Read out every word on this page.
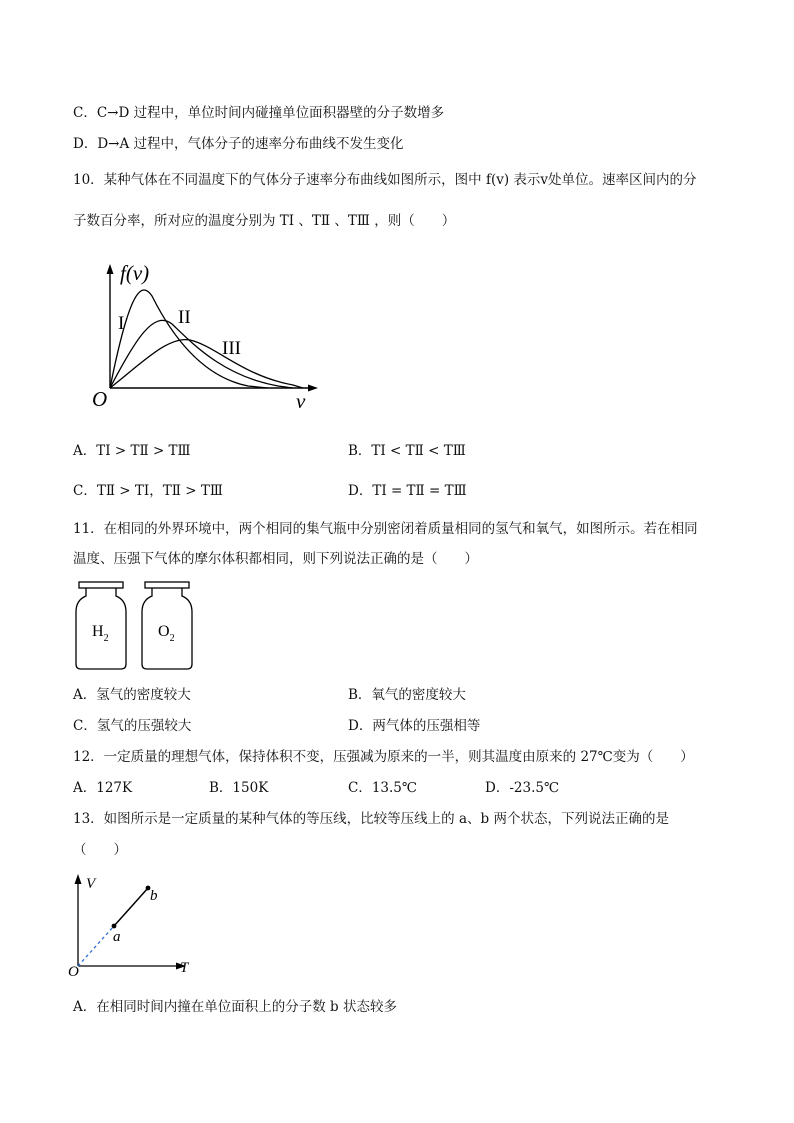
C．C→D 过程中，单位时间内碰撞单位面积器壁的分子数增多
D．D→A 过程中，气体分子的速率分布曲线不发生变化
10．某种气体在不同温度下的气体分子速率分布曲线如图所示，图中 f(v) 表示v处单位。速率区间内的分
子数百分率，所对应的温度分别为 TⅠ 、TⅡ 、TⅢ ，则（　　）
f(v)
I	II
III
O	v
A．TⅠ > TⅡ > TⅢ	B．TⅠ < TⅡ < TⅢ
C．TⅡ > TⅠ，TⅡ > TⅢ	D．TⅠ = TⅡ = TⅢ
11．在相同的外界环境中，两个相同的集气瓶中分别密闭着质量相同的氢气和氧气，如图所示。若在相同
温度、压强下气体的摩尔体积都相同，则下列说法正确的是（　　）
$H_2$	$O_2$
A．氢气的密度较大	B．氧气的密度较大
C．氢气的压强较大	D．两气体的压强相等
12．一定质量的理想气体，保持体积不变，压强减为原来的一半，则其温度由原来的 27℃变为（　　）
A．127K	B．150K	C．13.5℃	D．-23.5℃
13．如图所示是一定质量的某种气体的等压线，比较等压线上的 a、b 两个状态，下列说法正确的是
（　　）
a
b
V
T
O
A．在相同时间内撞在单位面积上的分子数 b 状态较多
